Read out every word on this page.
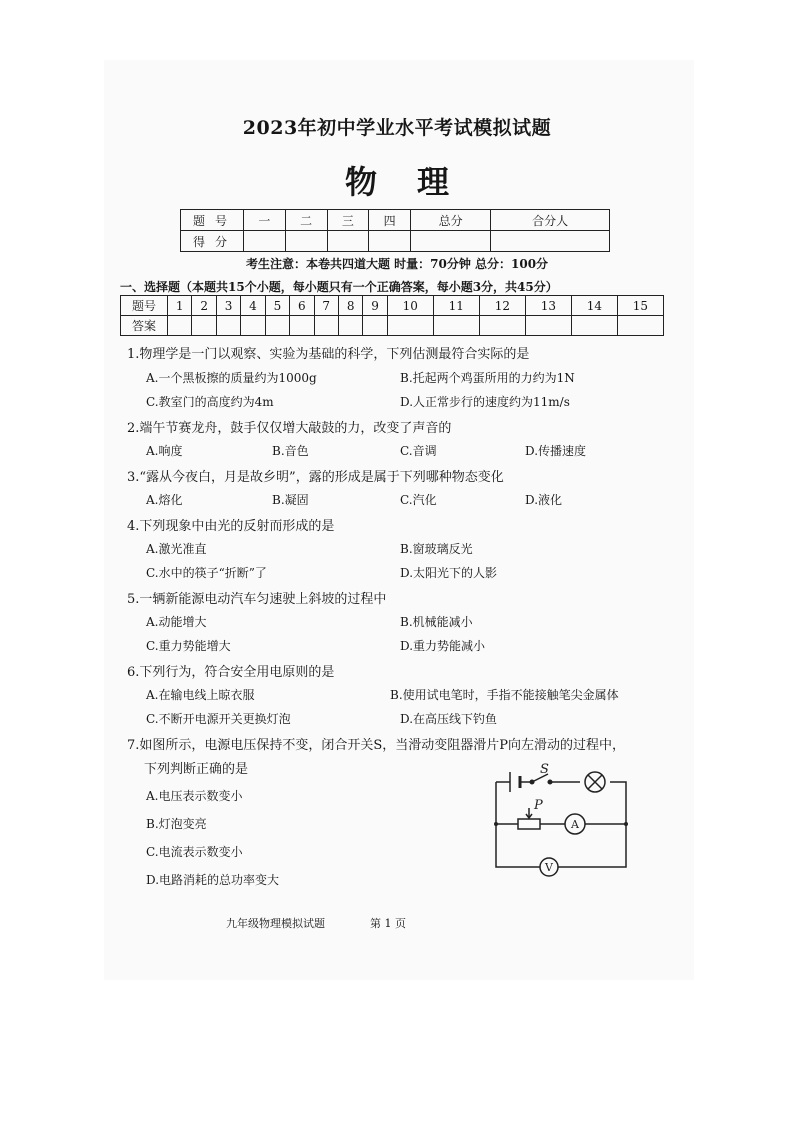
2023年初中学业水平考试模拟试题
物理
题号	一	二	三	四	总分	合分人
得分						
考生注意：本卷共四道大题 时量：70分钟 总分：100分
一、选择题（本题共15个小题，每小题只有一个正确答案，每小题3分，共45分）
题号	1	2	3	4	5	6	7	8	9	10	11	12	13	14	15
答案															
1.物理学是一门以观察、实验为基础的科学，下列估测最符合实际的是
A.一个黑板擦的质量约为1000g	B.托起两个鸡蛋所用的力约为1N
C.教室门的高度约为4m	D.人正常步行的速度约为11m/s
2.端午节赛龙舟，鼓手仅仅增大敲鼓的力，改变了声音的
A.响度	B.音色	C.音调	D.传播速度
3.“露从今夜白，月是故乡明”，露的形成是属于下列哪种物态变化
A.熔化	B.凝固	C.汽化	D.液化
4.下列现象中由光的反射而形成的是
A.激光准直	B.窗玻璃反光
C.水中的筷子“折断”了	D.太阳光下的人影
5.一辆新能源电动汽车匀速驶上斜坡的过程中
A.动能增大	B.机械能减小
C.重力势能增大	D.重力势能减小
6.下列行为，符合安全用电原则的是
A.在输电线上晾衣服	B.使用试电笔时，手指不能接触笔尖金属体
C.不断开电源开关更换灯泡	D.在高压线下钓鱼
7.如图所示，电源电压保持不变，闭合开关S，当滑动变阻器滑片P向左滑动的过程中，
下列判断正确的是
A.电压表示数变小
B.灯泡变亮
C.电流表示数变小
D.电路消耗的总功率变大
S
P
A
V
九年级物理模拟试题	第 1 页
